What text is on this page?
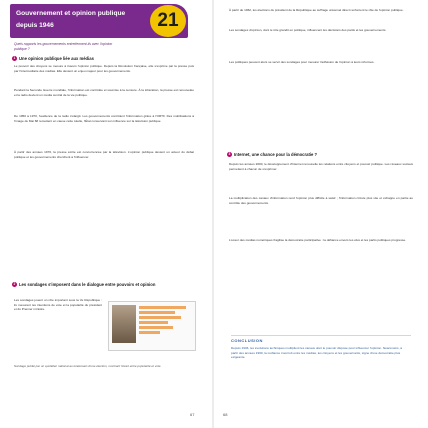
Gouvernement et opinion publique
depuis 1946	21
Quels rapports les gouvernements entretiennent-ils avec l'opinion publique ?
1 Une opinion publique liée aux médias
Le pouvoir des citoyens se mesure à travers l'opinion publique. Depuis la Révolution française, elle s'exprime par la presse puis par l'intermédiaire des médias. Elle devient un enjeu majeur pour les gouvernements.
Pendant la Seconde Guerre mondiale, l'information est contrôlée et soumise à la censure. À la Libération, la presse est renouvelée et la radio devient un média central de la vie politique.
De 1950 à 1970, l'audience de la radio s'élargit. Les gouvernements contrôlent l'information grâce à l'ORTF. Des mobilisations à l'image de Mai 68 remettent en cause cette tutelle, l'État conservant son influence sur la télévision publique.
À partir des années 1970, la presse écrite est concurrencée par la télévision. L'opinion publique devient un acteur du débat politique et les gouvernements cherchent à l'influencer.
2 Les sondages s'imposent dans le dialogue entre pouvoirs et opinion
Les sondages jouent un rôle important sous la Ve République : ils mesurent les intentions de vote et la popularité du président et du Premier ministre.
Sondage publié par un quotidien national au lendemain d'une élection, montrant l'écart entre popularité et vote.
67
À partir de 1962, les élections du président de la République au suffrage universel direct renforcent le rôle de l'opinion publique.
Les sondages d'opinion, dont le rôle grandit en politique, influencent les décisions des partis et les gouvernements.
Les politiques peuvent alors se servir des sondages pour mesurer l'adhésion de l'opinion à leurs réformes.
3 Internet, une chance pour la démocratie ?
Depuis les années 2000, le développement d'Internet renouvelle les relations entre citoyens et pouvoir politique. Les réseaux sociaux permettent à chacun de s'exprimer.
La multiplication des canaux d'information rend l'opinion plus difficile à saisir ; l'information circule plus vite et échappe en partie au contrôle des gouvernements.
L'essor des médias numériques fragilise la démocratie participative : la défiance envers les élus et les partis politiques progresse.
CONCLUSION
Depuis 1946, les évolutions techniques multiplient les canaux dont le pouvoir dispose pour influencer l'opinion. Néanmoins, à partir des années 1960, la méfiance s'accroît entre les médias, les citoyens et les gouvernants, signe d'une démocratie plus exigeante.
68
